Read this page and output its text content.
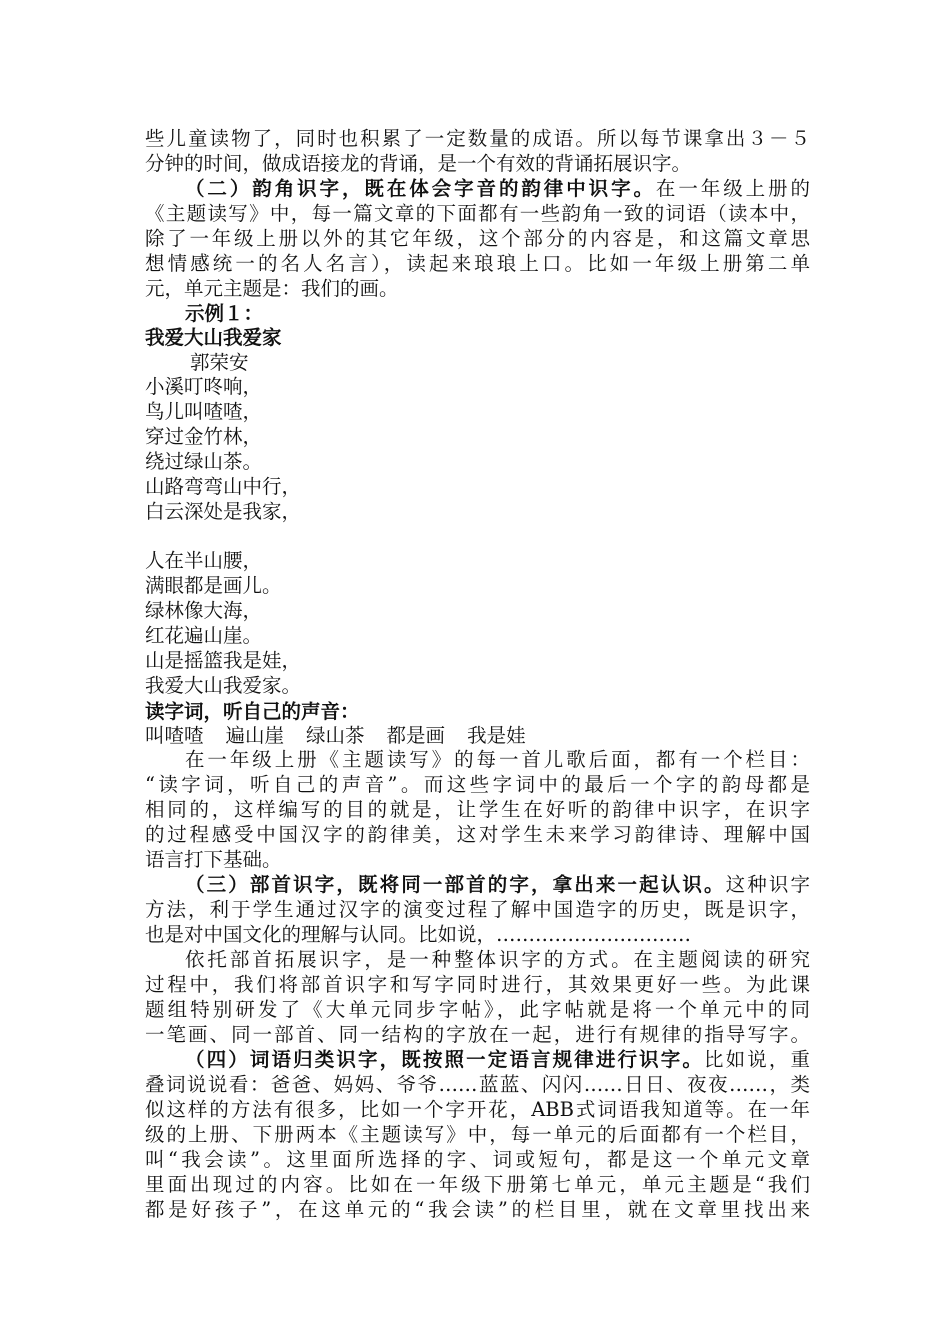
些儿童读物了，同时也积累了一定数量的成语。所以每节课拿出３－５
分钟的时间，做成语接龙的背诵，是一个有效的背诵拓展识字。
（二）韵角识字，既在体会字音的韵律中识字。在一年级上册的
《主题读写》中，每一篇文章的下面都有一些韵角一致的词语（读本中，
除了一年级上册以外的其它年级，这个部分的内容是，和这篇文章思
想情感统一的名人名言），读起来琅琅上口。比如一年级上册第二单
元，单元主题是：我们的画。
示例１：
我爱大山我爱家
郭荣安
小溪叮咚响，
鸟儿叫喳喳，
穿过金竹林，
绕过绿山茶。
山路弯弯山中行，
白云深处是我家，
人在半山腰，
满眼都是画儿。
绿林像大海，
红花遍山崖。
山是摇篮我是娃，
我爱大山我爱家。
读字词，听自己的声音：
叫喳喳 遍山崖 绿山茶 都是画 我是娃
在一年级上册《主题读写》的每一首儿歌后面，都有一个栏目：
“读字词，听自己的声音”。而这些字词中的最后一个字的韵母都是
相同的，这样编写的目的就是，让学生在好听的韵律中识字，在识字
的过程感受中国汉字的韵律美，这对学生未来学习韵律诗、理解中国
语言打下基础。
（三）部首识字，既将同一部首的字，拿出来一起认识。这种识字
方法，利于学生通过汉字的演变过程了解中国造字的历史，既是识字，
也是对中国文化的理解与认同。比如说，…………………………
依托部首拓展识字，是一种整体识字的方式。在主题阅读的研究
过程中，我们将部首识字和写字同时进行，其效果更好一些。为此课
题组特别研发了《大单元同步字帖》，此字帖就是将一个单元中的同
一笔画、同一部首、同一结构的字放在一起，进行有规律的指导写字。
（四）词语归类识字，既按照一定语言规律进行识字。比如说，重
叠词说说看：爸爸、妈妈、爷爷……蓝蓝、闪闪……日日、夜夜……，类
似这样的方法有很多，比如一个字开花，ABB式词语我知道等。在一年
级的上册、下册两本《主题读写》中，每一单元的后面都有一个栏目，
叫“我会读”。这里面所选择的字、词或短句，都是这一个单元文章
里面出现过的内容。比如在一年级下册第七单元，单元主题是“我们
都是好孩子”，在这单元的“我会读”的栏目里，就在文章里找出来
